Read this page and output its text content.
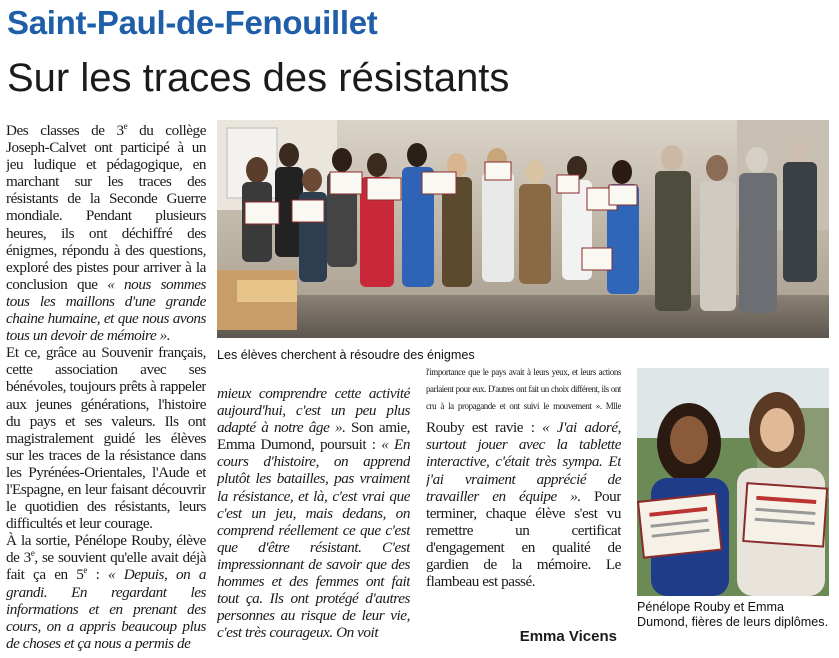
Saint-Paul-de-Fenouillet
Sur les traces des résistants
Les élèves cherchent à résoudre des énigmes
Pénélope Rouby et Emma Dumond, fières de leurs diplômes.

Des classes de 3e du collège Joseph-Calvet ont participé à un jeu ludique et pédagogique, en marchant sur les traces des résistants de la Seconde Guerre mondiale. Pendant plusieurs heures, ils ont déchiffré des énigmes, répondu à des questions, exploré des pistes pour arriver à la conclusion que « nous sommes tous les maillons d'une grande chaine humaine, et que nous avons tous un devoir de mémoire ».

Et ce, grâce au Souvenir français, cette association avec ses bénévoles, toujours prêts à rappeler aux jeunes générations, l'histoire du pays et ses valeurs. Ils ont magistralement guidé les élèves sur les traces de la résistance dans les Pyrénées-Orientales, l'Aude et l'Espagne, en leur faisant découvrir le quotidien des résistants, leurs difficultés et leur courage.

À la sortie, Pénélope Rouby, élève de 3e, se souvient qu'elle avait déjà fait ça en 5e : « Depuis, on a grandi. En regardant les informations et en prenant des cours, on a appris beaucoup plus de choses et ça nous a permis de

mieux comprendre cette activité aujourd'hui, c'est un peu plus adapté à notre âge ». Son amie, Emma Dumond, poursuit : « En cours d'histoire, on apprend plutôt les batailles, pas vraiment la résistance, et là, c'est vrai que c'est un jeu, mais dedans, on comprend réellement ce que c'est que d'être résistant. C'est impressionnant de savoir que des hommes et des femmes ont fait tout ça. Ils ont protégé d'autres personnes au risque de leur vie, c'est très courageux. On voit

$^{l'importance que le pays avait à leurs yeux, et leurs actions parlaient pour eux. D'autres ont fait un choix différent, ils ont cru à la propagande et ont suivi le mouvement ». Mlle}$ Rouby est ravie : « J'ai adoré, surtout jouer avec la tablette interactive, c'était très sympa. Et j'ai vraiment apprécié de travailler en équipe ». Pour terminer, chaque élève s'est vu remettre	un	certificat d'engagement en qualité de gardien de la mémoire. Le flambeau est passé.

Emma Vicens
